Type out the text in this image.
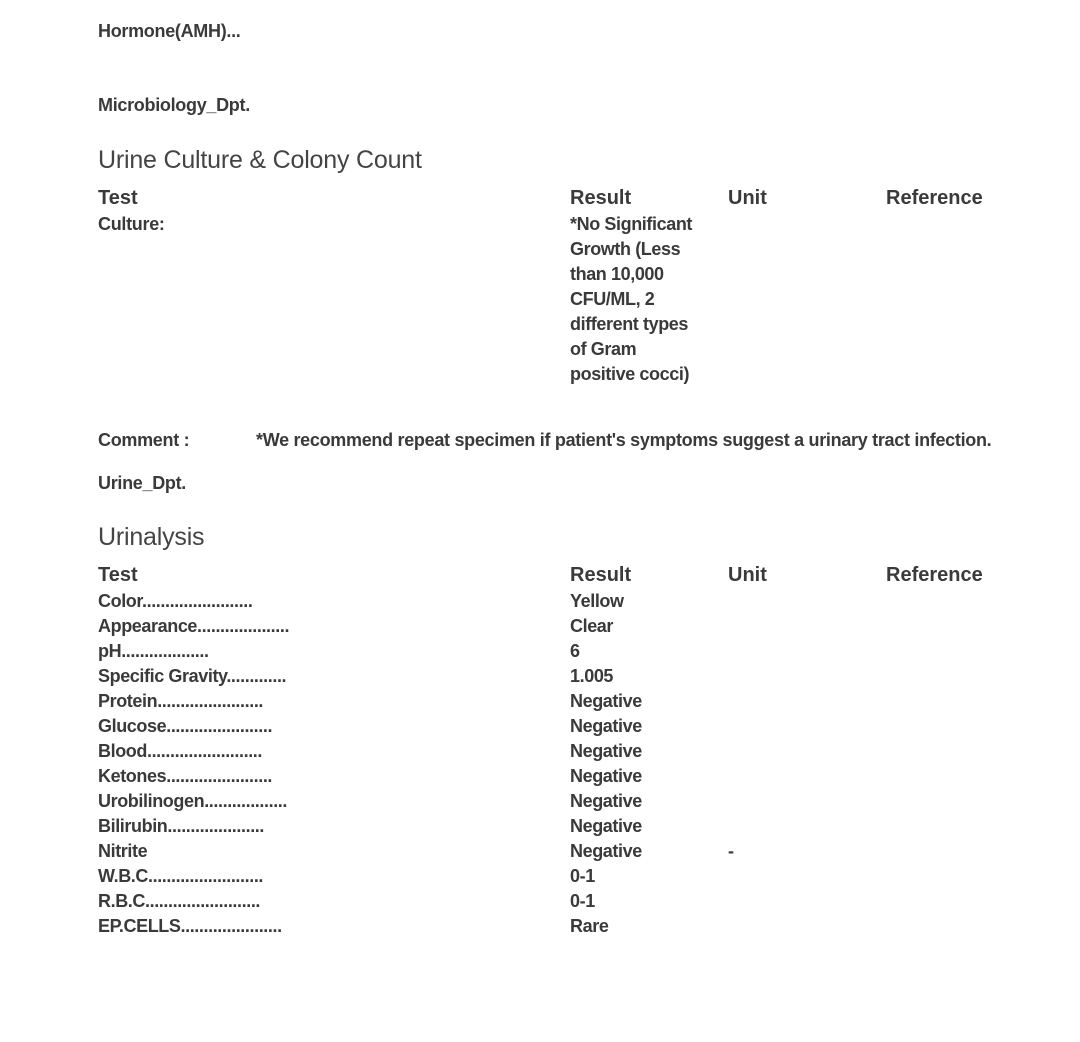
Hormone(AMH)...
Microbiology_Dpt.
Urine Culture & Colony Count
Test	Result	Unit	Reference
Culture:	*No Significant
Growth (Less
than 10,000
CFU/ML, 2
different types
of Gram
positive cocci)
Comment :	*We recommend repeat specimen if patient's symptoms suggest a urinary tract infection.
Urine_Dpt.
Urinalysis
Test	Result	Unit	Reference
Color........................	Yellow
Appearance....................	Clear
pH...................	6
Specific Gravity.............	1.005
Protein.......................	Negative
Glucose.......................	Negative
Blood.........................	Negative
Ketones.......................	Negative
Urobilinogen..................	Negative
Bilirubin.....................	Negative
Nitrite	Negative	-
W.B.C.........................	0-1
R.B.C.........................	0-1
EP.CELLS......................	Rare
